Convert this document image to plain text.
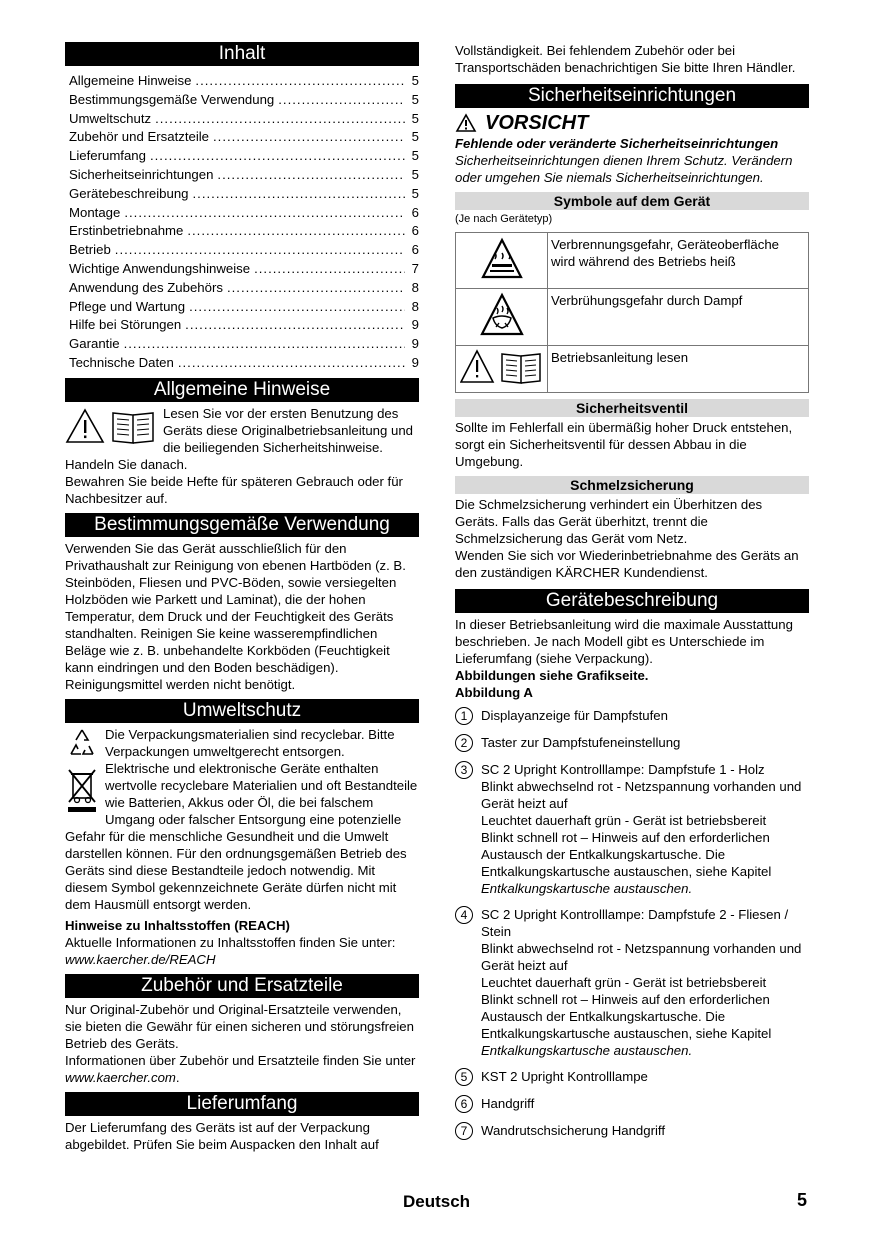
Inhalt
Allgemeine Hinweise .....	5
Bestimmungsgemäße Verwendung .....	5
Umweltschutz .....	5
Zubehör und Ersatzteile .....	5
Lieferumfang .....	5
Sicherheitseinrichtungen .....	5
Gerätebeschreibung .....	5
Montage .....	6
Erstinbetriebnahme .....	6
Betrieb .....	6
Wichtige Anwendungshinweise .....	7
Anwendung des Zubehörs .....	8
Pflege und Wartung .....	8
Hilfe bei Störungen .....	9
Garantie .....	9
Technische Daten .....	9
Allgemeine Hinweise

Lesen Sie vor der ersten Benutzung des Geräts diese Originalbetriebsanleitung und die beiliegenden Sicherheitshinweise. Handeln Sie danach.

Bewahren Sie beide Hefte für späteren Gebrauch oder für Nachbesitzer auf.

Bestimmungsgemäße Verwendung

Verwenden Sie das Gerät ausschließlich für den Privathaushalt zur Reinigung von ebenen Hartböden (z. B. Steinböden, Fliesen und PVC-Böden, sowie versiegelten Holzböden wie Parkett und Laminat), die der hohen Temperatur, dem Druck und der Feuchtigkeit des Geräts standhalten. Reinigen Sie keine wasserempfindlichen Beläge wie z. B. unbehandelte Korkböden (Feuchtigkeit kann eindringen und den Boden beschädigen).

Reinigungsmittel werden nicht benötigt.

Umweltschutz

Die Verpackungsmaterialien sind recyclebar. Bitte Verpackungen umweltgerecht entsorgen.

Elektrische und elektronische Geräte enthalten wertvolle recyclebare Materialien und oft Bestandteile wie Batterien, Akkus oder Öl, die bei falschem Umgang oder falscher Entsorgung eine potenzielle Gefahr für die menschliche Gesundheit und die Umwelt darstellen können. Für den ordnungsgemäßen Betrieb des Geräts sind diese Bestandteile jedoch notwendig. Mit diesem Symbol gekennzeichnete Geräte dürfen nicht mit dem Hausmüll entsorgt werden.

Hinweise zu Inhaltsstoffen (REACH)

Aktuelle Informationen zu Inhaltsstoffen finden Sie unter: www.kaercher.de/REACH

Zubehör und Ersatzteile

Nur Original-Zubehör und Original-Ersatzteile verwenden, sie bieten die Gewähr für einen sicheren und störungsfreien Betrieb des Geräts.

Informationen über Zubehör und Ersatzteile finden Sie unter www.kaercher.com.

Lieferumfang

Der Lieferumfang des Geräts ist auf der Verpackung abgebildet. Prüfen Sie beim Auspacken den Inhalt auf

Vollständigkeit. Bei fehlendem Zubehör oder bei Transportschäden benachrichtigen Sie bitte Ihren Händler.

Sicherheitseinrichtungen
VORSICHT

Fehlende oder veränderte Sicherheitseinrichtungen

Sicherheitseinrichtungen dienen Ihrem Schutz. Verändern oder umgehen Sie niemals Sicherheitseinrichtungen.

Symbole auf dem Gerät

(Je nach Gerätetyp)

	Verbrennungsgefahr, Geräteoberfläche wird während des Betriebs heiß
	Verbrühungsgefahr durch Dampf
	Betriebsanleitung lesen
Sicherheitsventil

Sollte im Fehlerfall ein übermäßig hoher Druck entstehen, sorgt ein Sicherheitsventil für dessen Abbau in die Umgebung.

Schmelzsicherung

Die Schmelzsicherung verhindert ein Überhitzen des Geräts. Falls das Gerät überhitzt, trennt die Schmelzsicherung das Gerät vom Netz.

Wenden Sie sich vor Wiederinbetriebnahme des Geräts an den zuständigen KÄRCHER Kundendienst.

Gerätebeschreibung

In dieser Betriebsanleitung wird die maximale Ausstattung beschrieben. Je nach Modell gibt es Unterschiede im Lieferumfang (siehe Verpackung).

Abbildungen siehe Grafikseite.

Abbildung A

1	Displayanzeige für Dampfstufen
2	Taster zur Dampfstufeneinstellung
3	SC 2 Upright Kontrolllampe: Dampfstufe 1 - Holz

Blinkt abwechselnd rot - Netzspannung vorhanden und Gerät heizt auf

Leuchtet dauerhaft grün - Gerät ist betriebsbereit

Blinkt schnell rot – Hinweis auf den erforderlichen Austausch der Entkalkungskartusche. Die Entkalkungskartusche austauschen, siehe Kapitel Entkalkungskartusche austauschen.

4	SC 2 Upright Kontrolllampe: Dampfstufe 2 - Fliesen / Stein

Blinkt abwechselnd rot - Netzspannung vorhanden und Gerät heizt auf

Leuchtet dauerhaft grün - Gerät ist betriebsbereit

Blinkt schnell rot – Hinweis auf den erforderlichen Austausch der Entkalkungskartusche. Die Entkalkungskartusche austauschen, siehe Kapitel Entkalkungskartusche austauschen.

5	KST 2 Upright Kontrolllampe
6	Handgriff
7	Wandrutschsicherung Handgriff
Deutsch	5
